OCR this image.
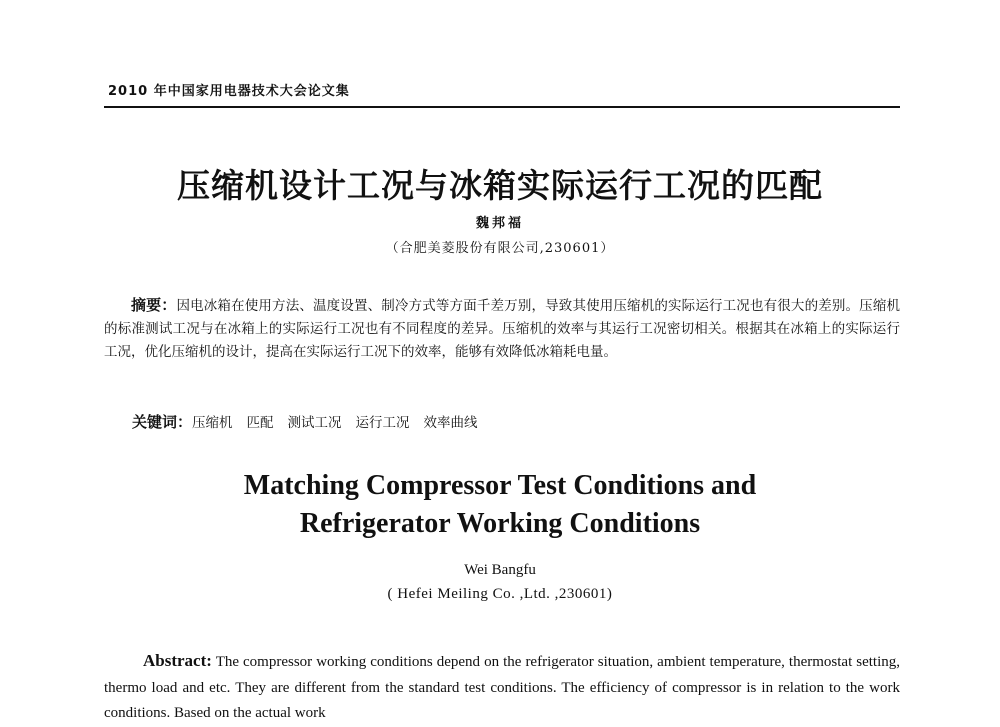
2010 年中国家用电器技术大会论文集
压缩机设计工况与冰箱实际运行工况的匹配
魏邦福
（合肥美菱股份有限公司,230601）

摘要：因电冰箱在使用方法、温度设置、制冷方式等方面千差万别，导致其使用压缩机的实际运行工况也有很大的差别。压缩机的标准测试工况与在冰箱上的实际运行工况也有不同程度的差异。压缩机的效率与其运行工况密切相关。根据其在冰箱上的实际运行工况，优化压缩机的设计，提高在实际运行工况下的效率，能够有效降低冰箱耗电量。

关键词：压缩机 匹配 测试工况 运行工况 效率曲线
Matching Compressor Test Conditions and
Refrigerator Working Conditions
Wei Bangfu
( Hefei Meiling Co. ,Ltd. ,230601)

Abstract: The compressor working conditions depend on the refrigerator situation, ambient temperature, thermostat setting, thermo load and etc. They are different from the standard test conditions. The efficiency of compressor is in relation to the work conditions. Based on the actual work
